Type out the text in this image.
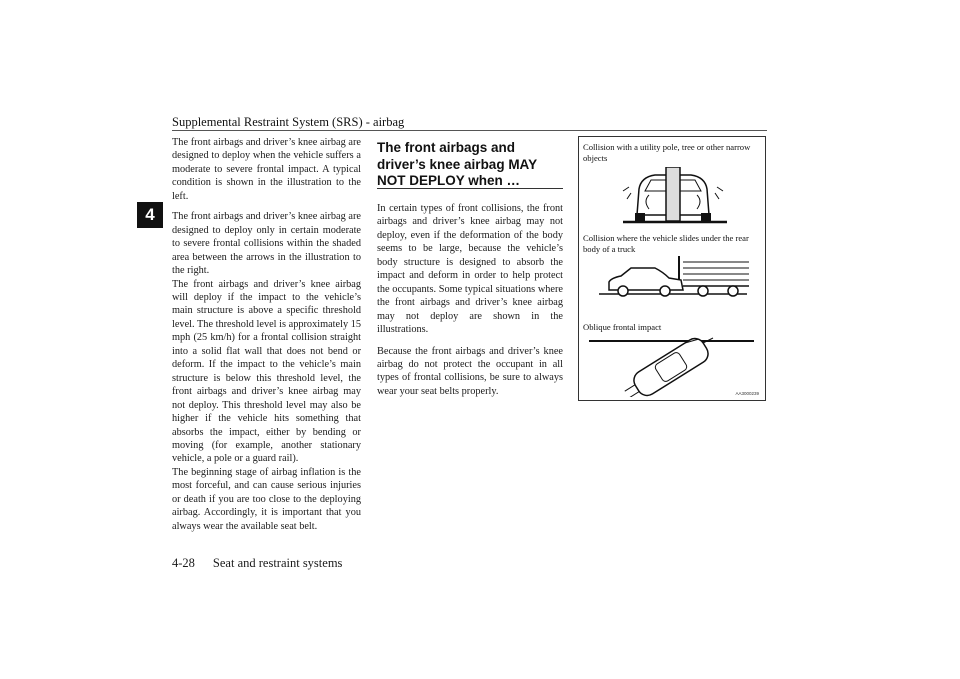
Supplemental Restraint System (SRS) - airbag
4

The front airbags and driver’s knee airbag are designed to deploy when the vehicle suffers a moderate to severe frontal impact. A typical condition is shown in the illustration to the left.

The front airbags and driver’s knee airbag are designed to deploy only in certain moderate to severe frontal collisions within the shaded area between the arrows in the illustration to the right.

The front airbags and driver’s knee airbag will deploy if the impact to the vehicle’s main structure is above a specific threshold level. The threshold level is approximately 15 mph (25 km/h) for a frontal collision straight into a solid flat wall that does not bend or deform. If the impact to the vehicle’s main structure is below this threshold level, the front airbags and driver’s knee airbag may not deploy. This threshold level may also be higher if the vehicle hits something that absorbs the impact, either by bending or moving (for example, another stationary vehicle, a pole or a guard rail).

The beginning stage of airbag inflation is the most forceful, and can cause serious injuries or death if you are too close to the deploying airbag. Accordingly, it is important that you always wear the available seat belt.

The front airbags and driver’s knee airbag MAY NOT DEPLOY when …

In certain types of front collisions, the front airbags and driver’s knee airbag may not deploy, even if the deformation of the body seems to be large, because the vehicle’s body structure is designed to absorb the impact and deform in order to help protect the occupants. Some typical situations where the front airbags and driver’s knee airbag may not deploy are shown in the illustrations.

Because the front airbags and driver’s knee airbag do not protect the occupant in all types of frontal collisions, be sure to always wear your seat belts properly.

Collision with a utility pole, tree or other narrow objects
Collision where the vehicle slides under the rear body of a truck
Oblique frontal impact
AA3000239
4-28 Seat and restraint systems
